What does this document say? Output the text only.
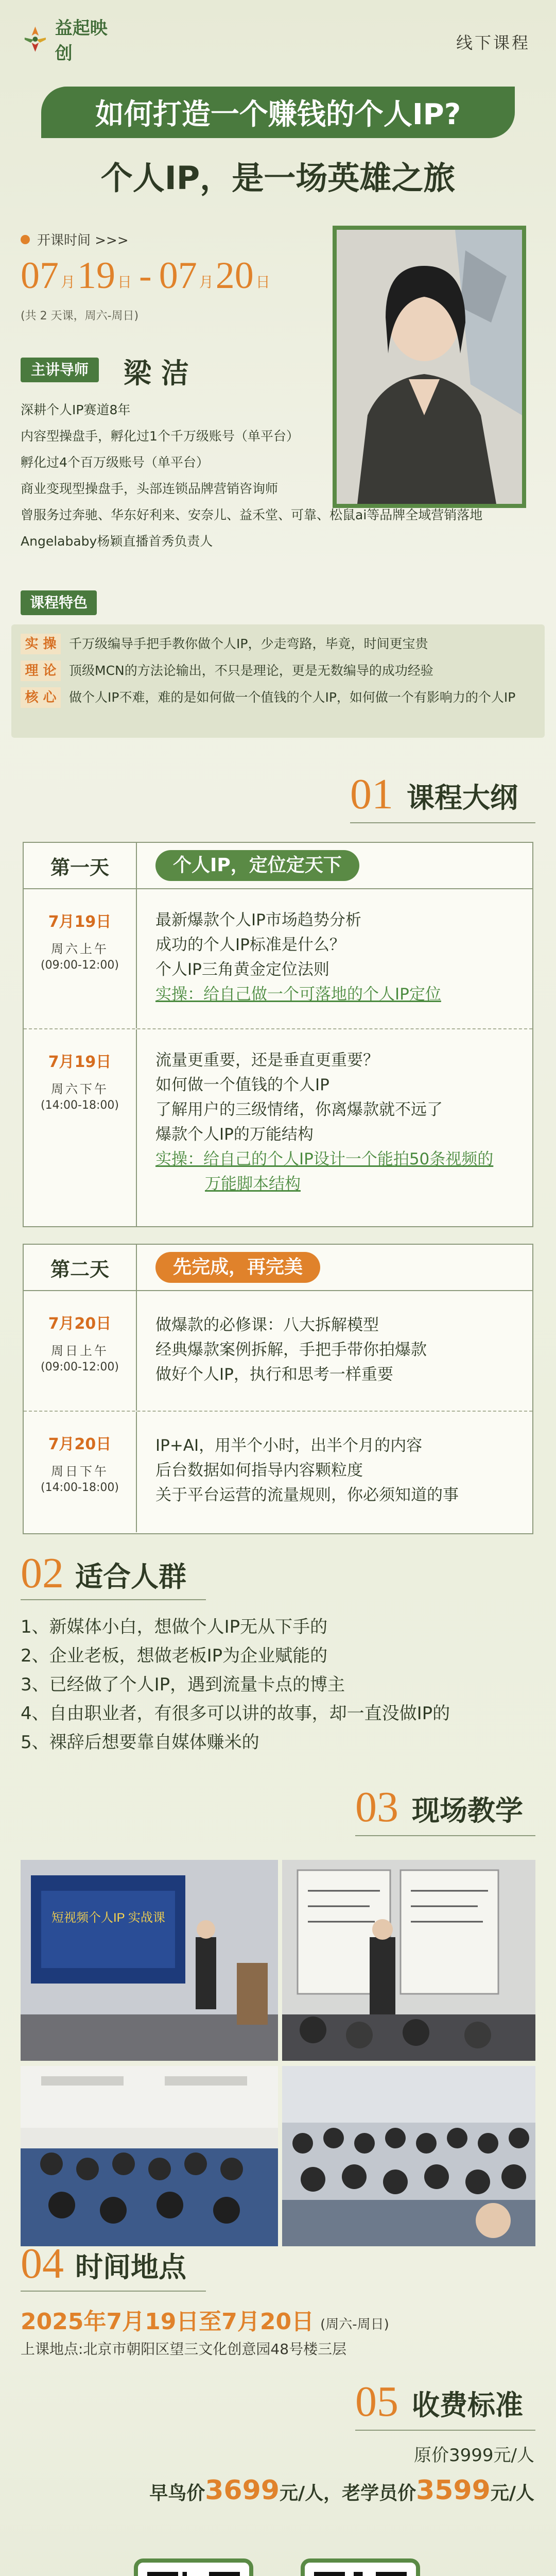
益起映创
线下课程
如何打造一个赚钱的个人IP?
个人IP，是一场英雄之旅
开课时间 >>>
07 月 19 日 - 07 月 20 日
(共 2 天课，周六-周日)
主讲导师	梁 洁
深耕个人IP赛道8年
内容型操盘手，孵化过1个千万级账号（单平台）
孵化过4个百万级账号（单平台）
商业变现型操盘手，头部连锁品牌营销咨询师
曾服务过奔驰、华东好利来、安奈儿、益禾堂、可靠、松鼠ai等品牌全域营销落地
Angelababy杨颖直播首秀负责人
课程特色
实 操 千万级编导手把手教你做个人IP，少走弯路，毕竟，时间更宝贵
理 论 顶级MCN的方法论输出，不只是理论，更是无数编导的成功经验
核 心 做个人IP不难，难的是如何做一个值钱的个人IP，如何做一个有影响力的个人IP
01 课程大纲
第一天	个人IP，定位定天下
7月19日
周六上午
(09:00-12:00)
最新爆款个人IP市场趋势分析
成功的个人IP标准是什么？
个人IP三角黄金定位法则
实操：给自己做一个可落地的个人IP定位
7月19日
周六下午
(14:00-18:00)
流量更重要，还是垂直更重要？
如何做一个值钱的个人IP
了解用户的三级情绪，你离爆款就不远了
爆款个人IP的万能结构
实操：给自己的个人IP设计一个能拍50条视频的
万能脚本结构
第二天	先完成，再完美
7月20日
周日上午
(09:00-12:00)
做爆款的必修课：八大拆解模型
经典爆款案例拆解，手把手带你拍爆款
做好个人IP，执行和思考一样重要
7月20日
周日下午
(14:00-18:00)
IP+AI，用半个小时，出半个月的内容
后台数据如何指导内容颗粒度
关于平台运营的流量规则，你必须知道的事
02 适合人群
1、新媒体小白，想做个人IP无从下手的
2、企业老板，想做老板IP为企业赋能的
3、已经做了个人IP，遇到流量卡点的博主
4、自由职业者，有很多可以讲的故事，却一直没做IP的
5、裸辞后想要靠自媒体赚米的
03 现场教学
短视频个人IP 实战课
04 时间地点
2025年7月19日至7月20日 (周六-周日)
上课地点:北京市朝阳区望三文化创意园48号楼三层
05 收费标准
原价3999元/人
早鸟价 3699 元/人， 老学员价 3599 元/人
